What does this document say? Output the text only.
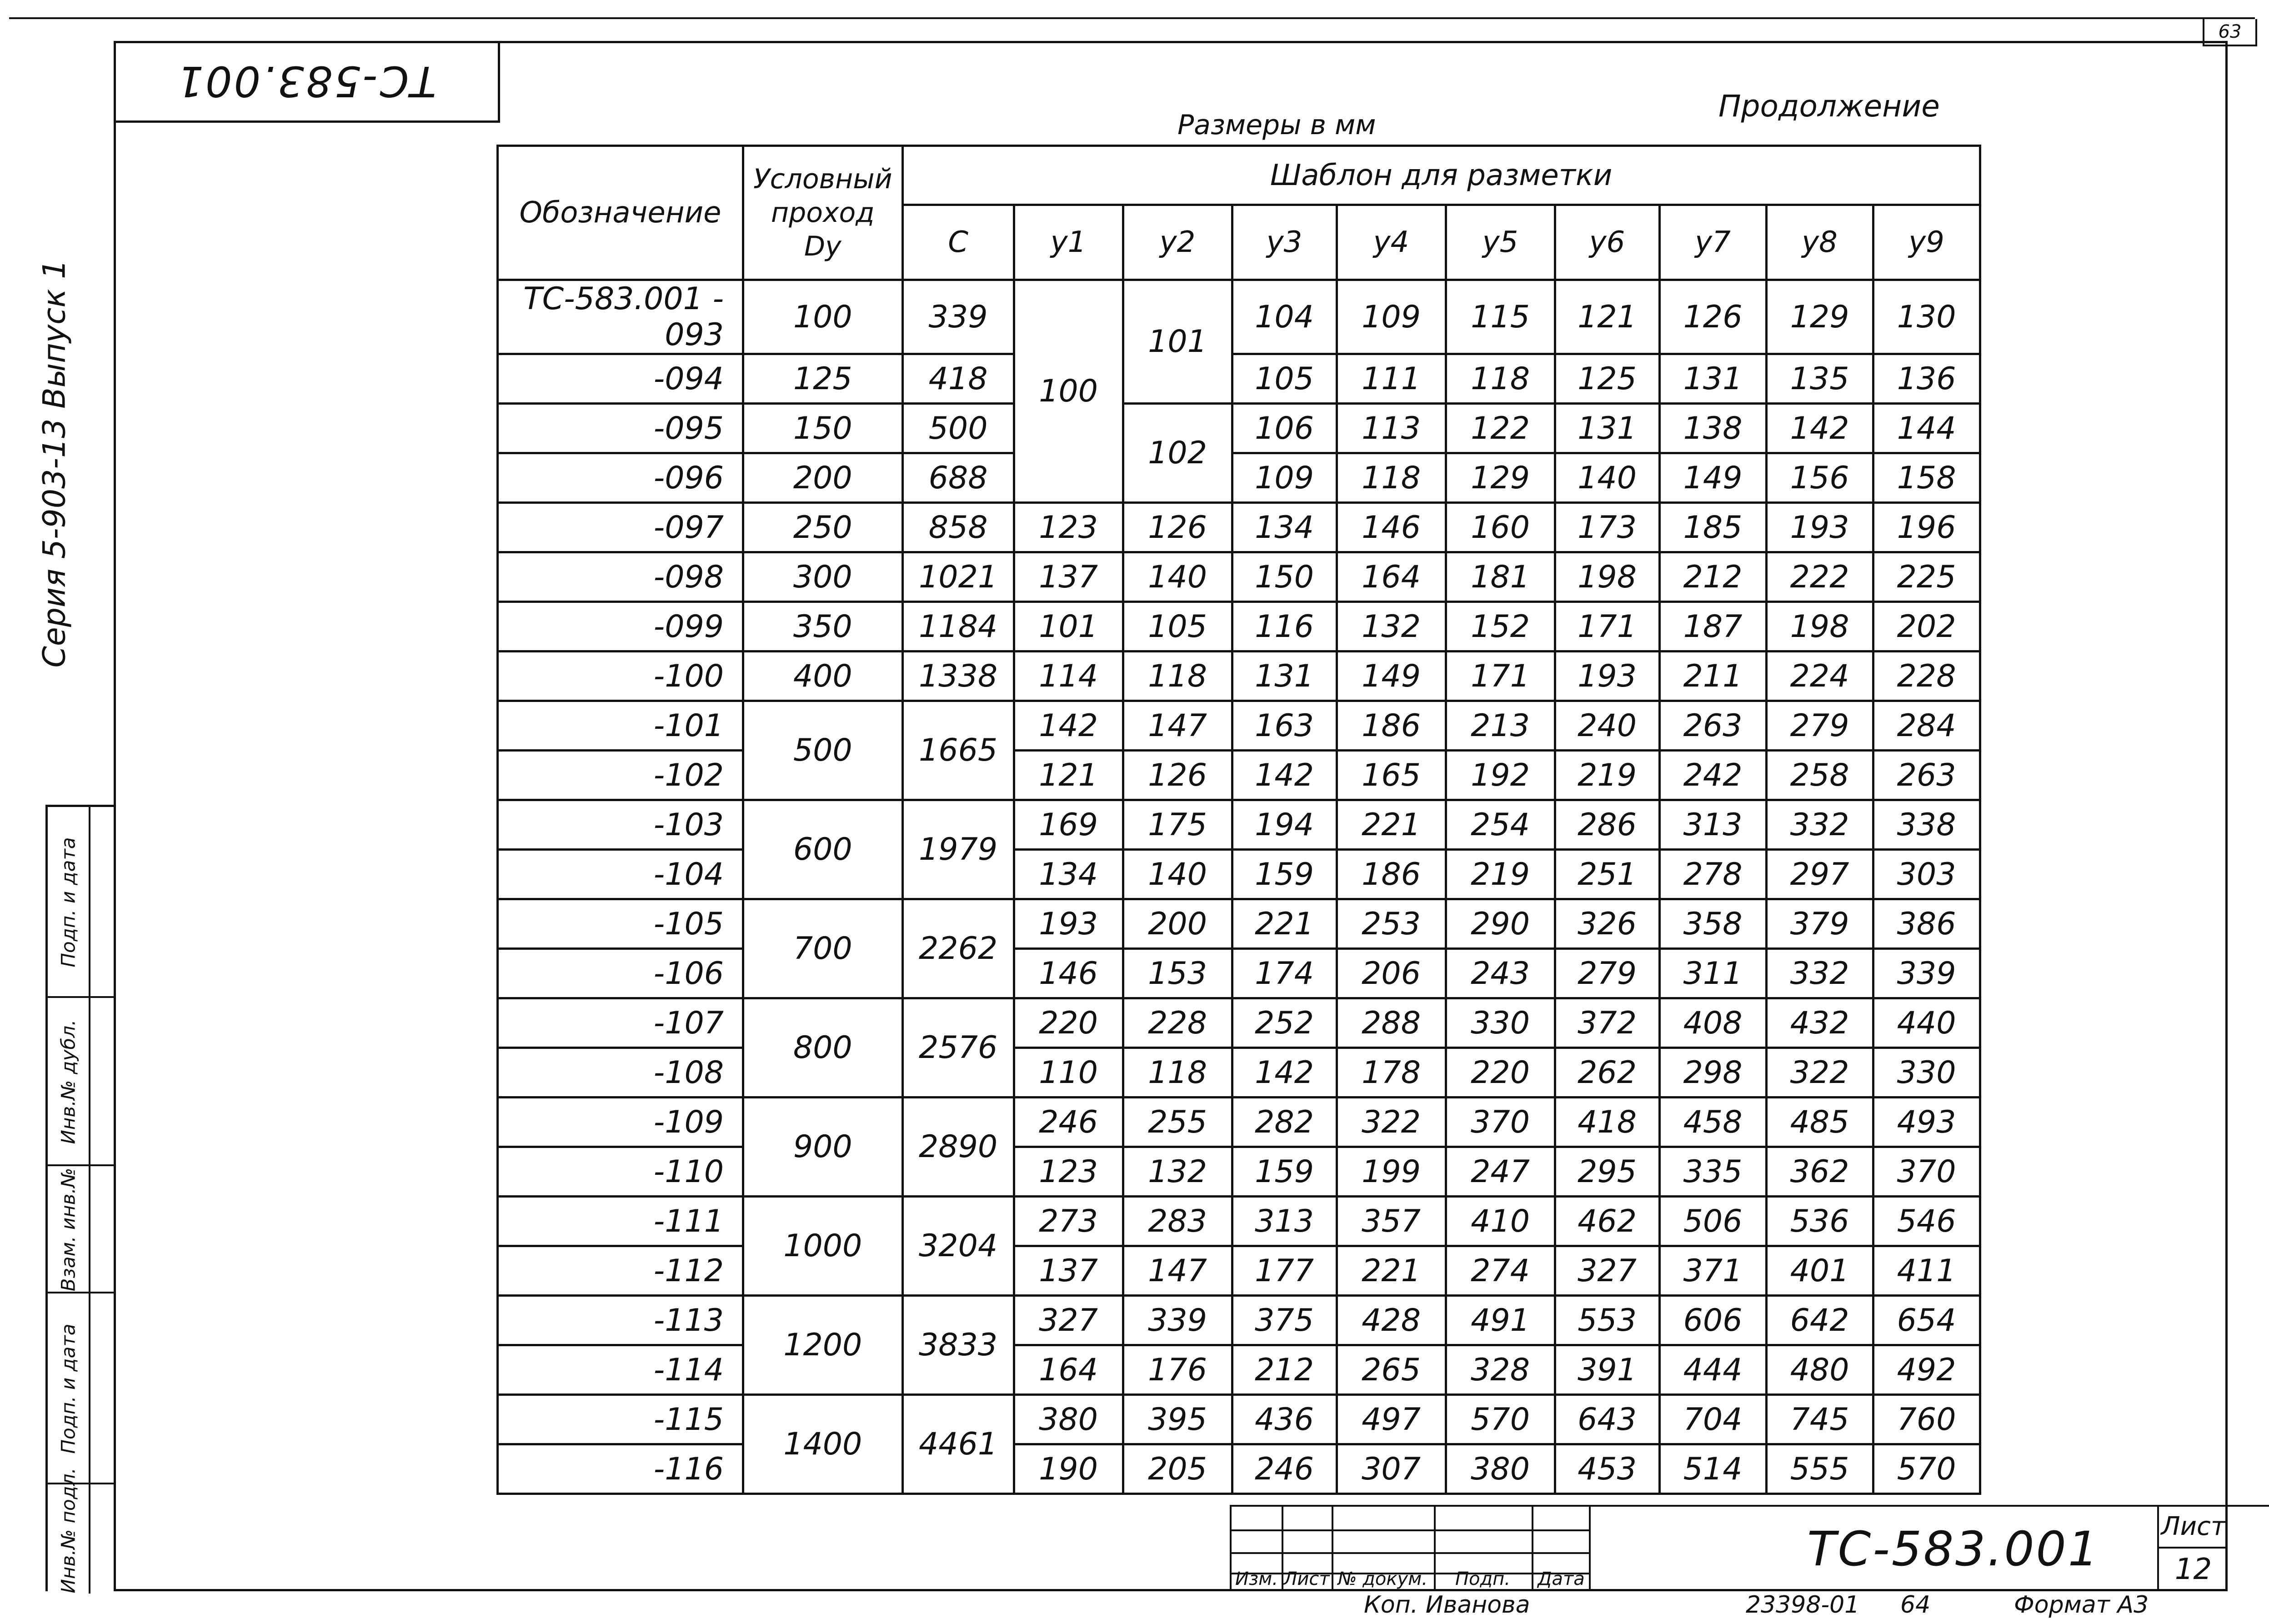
63
ТС-583.001
Серия 5-903-13 Выпуск 1
Подп. и дата
Инв.№ дубл.
Взам. инв.№
Подп. и дата
Инв.№ подл.
Размеры в мм
Продолжение
Обозначение	Условный проход Dy	Шаблон для разметки									
		C	y1	y2	y3	y4	y5	y6	y7	y8	y9
ТС-583.001 - 093	100	339	100	101	104	109	115	121	126	129	130
-094	125	418			105	111	118	125	131	135	136
-095	150	500		102	106	113	122	131	138	142	144
-096	200	688			109	118	129	140	149	156	158
-097	250	858	123	126	134	146	160	173	185	193	196
-098	300	1021	137	140	150	164	181	198	212	222	225
-099	350	1184	101	105	116	132	152	171	187	198	202
-100	400	1338	114	118	131	149	171	193	211	224	228
-101	500	1665	142	147	163	186	213	240	263	279	284
-102			121	126	142	165	192	219	242	258	263
-103	600	1979	169	175	194	221	254	286	313	332	338
-104			134	140	159	186	219	251	278	297	303
-105	700	2262	193	200	221	253	290	326	358	379	386
-106			146	153	174	206	243	279	311	332	339
-107	800	2576	220	228	252	288	330	372	408	432	440
-108			110	118	142	178	220	262	298	322	330
-109	900	2890	246	255	282	322	370	418	458	485	493
-110			123	132	159	199	247	295	335	362	370
-111	1000	3204	273	283	313	357	410	462	506	536	546
-112			137	147	177	221	274	327	371	401	411
-113	1200	3833	327	339	375	428	491	553	606	642	654
-114			164	176	212	265	328	391	444	480	492
-115	1400	4461	380	395	436	497	570	643	704	745	760
-116			190	205	246	307	380	453	514	555	570
Изм. Лист № докум.	Подп.	Дата
ТС-583.001	Лист
12
Коп. Иванова	23398-01 64	Формат А3
